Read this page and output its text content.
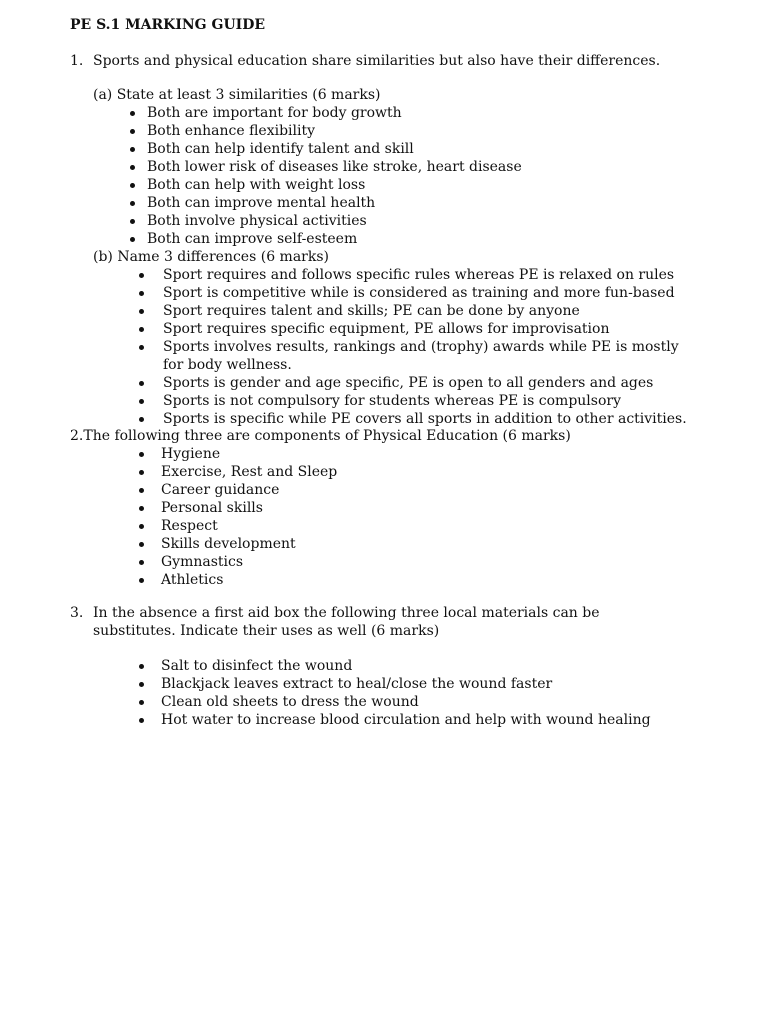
PE S.1 MARKING GUIDE
1. Sports and physical education share similarities but also have their differences.
(a) State at least 3 similarities (6 marks)
Both are important for body growth
Both enhance flexibility
Both can help identify talent and skill
Both lower risk of diseases like stroke, heart disease
Both can help with weight loss
Both can improve mental health
Both involve physical activities
Both can improve self-esteem
(b) Name 3 differences (6 marks)
Sport requires and follows specific rules whereas PE is relaxed on rules
Sport is competitive while is considered as training and more fun-based
Sport requires talent and skills; PE can be done by anyone
Sport requires specific equipment, PE allows for improvisation
Sports involves results, rankings and (trophy) awards while PE is mostly
for body wellness.
Sports is gender and age specific, PE is open to all genders and ages
Sports is not compulsory for students whereas PE is compulsory
Sports is specific while PE covers all sports in addition to other activities.
2.The following three are components of Physical Education (6 marks)
Hygiene
Exercise, Rest and Sleep
Career guidance
Personal skills
Respect
Skills development
Gymnastics
Athletics
3. In the absence a first aid box the following three local materials can be
substitutes. Indicate their uses as well (6 marks)
Salt to disinfect the wound
Blackjack leaves extract to heal/close the wound faster
Clean old sheets to dress the wound
Hot water to increase blood circulation and help with wound healing
